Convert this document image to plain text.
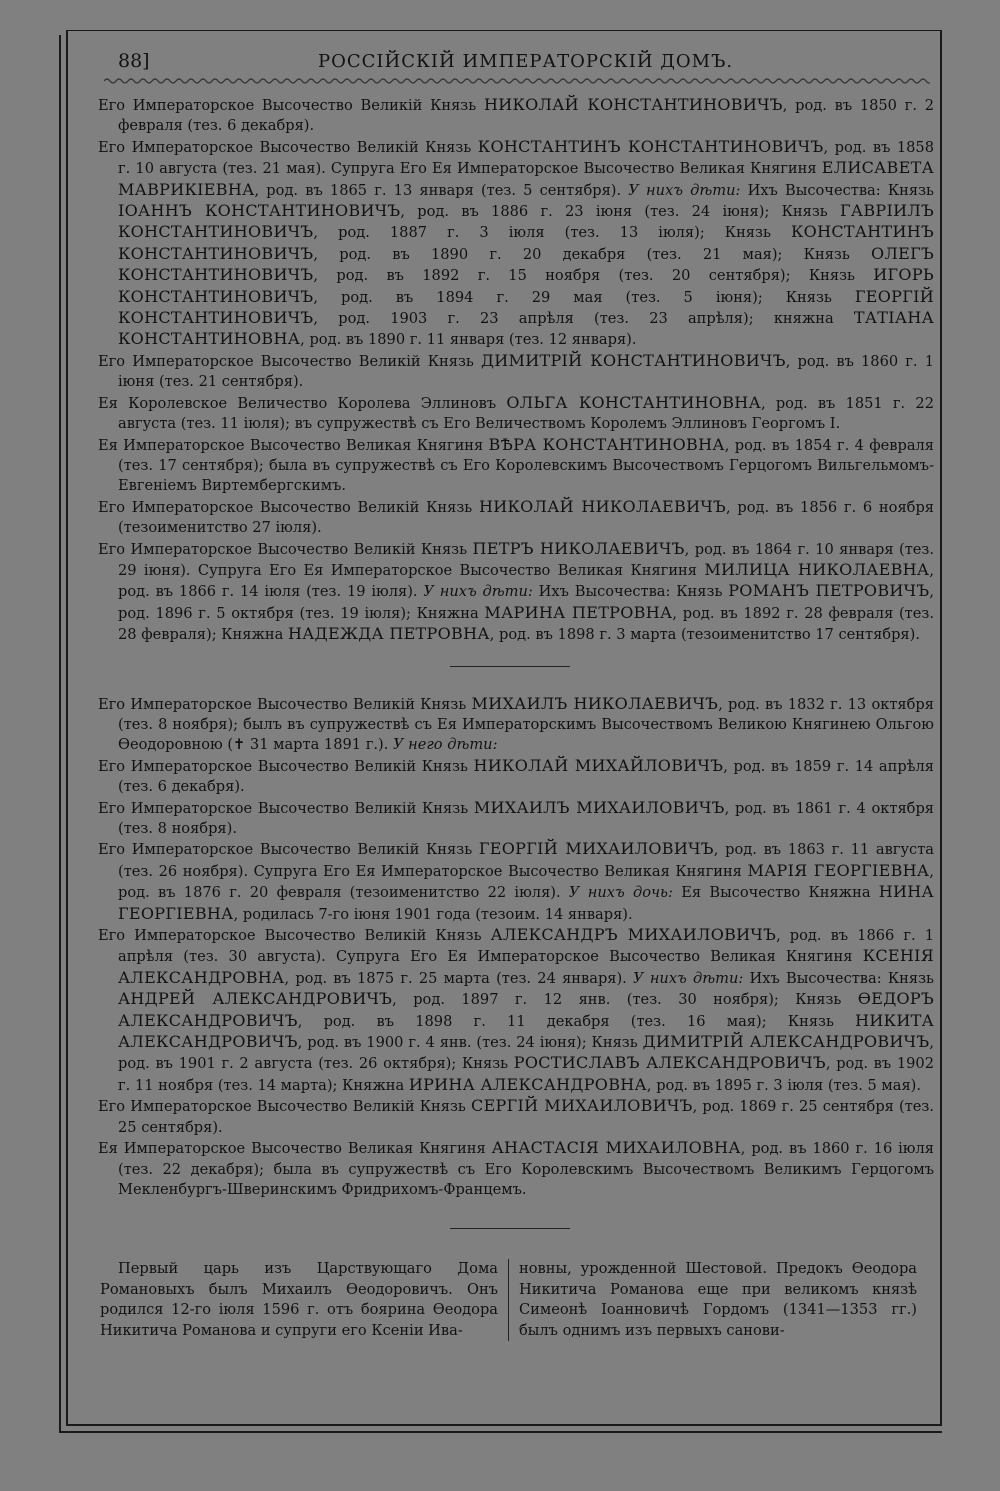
88]	РОССІЙСКІЙ ИМПЕРАТОРСКІЙ ДОМЪ.

Его Императорское Высочество Великій Князь НИКОЛАЙ КОНСТАНТИНОВИЧЪ, род. въ 1850 г. 2 февраля (тез. 6 декабря).

Его Императорское Высочество Великій Князь КОНСТАНТИНЪ КОНСТАНТИНОВИЧЪ, род. въ 1858 г. 10 августа (тез. 21 мая). Супруга Его Ея Императорское Высочество Великая Княгиня ЕЛИСАВЕТА МАВРИКІЕВНА, род. въ 1865 г. 13 января (тез. 5 сентября). У нихъ дѣти: Ихъ Высочества: Князь ІОАННЪ КОНСТАНТИНОВИЧЪ, род. въ 1886 г. 23 іюня (тез. 24 іюня); Князь ГАВРІИЛЪ КОНСТАНТИНОВИЧЪ, род. 1887 г. 3 іюля (тез. 13 іюля); Князь КОНСТАНТИНЪ КОНСТАНТИНОВИЧЪ, род. въ 1890 г. 20 декабря (тез. 21 мая); Князь ОЛЕГЪ КОНСТАНТИНОВИЧЪ, род. въ 1892 г. 15 ноября (тез. 20 сентября); Князь ИГОРЬ КОНСТАНТИНОВИЧЪ, род. въ 1894 г. 29 мая (тез. 5 іюня); Князь ГЕОРГІЙ КОНСТАНТИНОВИЧЪ, род. 1903 г. 23 апрѣля (тез. 23 апрѣля); княжна ТАТІАНА КОНСТАНТИНОВНА, род. въ 1890 г. 11 января (тез. 12 января).

Его Императорское Высочество Великій Князь ДИМИТРІЙ КОНСТАНТИНОВИЧЪ, род. въ 1860 г. 1 іюня (тез. 21 сентября).

Ея Королевское Величество Королева Эллиновъ ОЛЬГА КОНСТАНТИНОВНА, род. въ 1851 г. 22 августа (тез. 11 іюля); въ супружествѣ съ Его Величествомъ Королемъ Эллиновъ Георгомъ I.

Ея Императорское Высочество Великая Княгиня ВѢРА КОНСТАНТИНОВНА, род. въ 1854 г. 4 февраля (тез. 17 сентября); была въ супружествѣ съ Его Королевскимъ Высочествомъ Герцогомъ Вильгельмомъ-Евгеніемъ Виртембергскимъ.

Его Императорское Высочество Великій Князь НИКОЛАЙ НИКОЛАЕВИЧЪ, род. въ 1856 г. 6 ноября (тезоименитство 27 іюля).

Его Императорское Высочество Великій Князь ПЕТРЪ НИКОЛАЕВИЧЪ, род. въ 1864 г. 10 января (тез. 29 іюня). Супруга Его Ея Императорское Высочество Великая Княгиня МИЛИЦА НИКОЛАЕВНА, род. въ 1866 г. 14 іюля (тез. 19 іюля). У нихъ дѣти: Ихъ Высочества: Князь РОМАНЪ ПЕТРОВИЧЪ, род. 1896 г. 5 октября (тез. 19 іюля); Княжна МАРИНА ПЕТРОВНА, род. въ 1892 г. 28 февраля (тез. 28 февраля); Княжна НАДЕЖДА ПЕТРОВНА, род. въ 1898 г. 3 марта (тезоименитство 17 сентября).

Его Императорское Высочество Великій Князь МИХАИЛЪ НИКОЛАЕВИЧЪ, род. въ 1832 г. 13 октября (тез. 8 ноября); былъ въ супружествѣ съ Ея Императорскимъ Высочествомъ Великою Княгинею Ольгою Ѳеодоровною (✝ 31 марта 1891 г.). У него дѣти:

Его Императорское Высочество Великій Князь НИКОЛАЙ МИХАЙЛОВИЧЪ, род. въ 1859 г. 14 апрѣля (тез. 6 декабря).

Его Императорское Высочество Великій Князь МИХАИЛЪ МИХАИЛОВИЧЪ, род. въ 1861 г. 4 октября (тез. 8 ноября).

Его Императорское Высочество Великій Князь ГЕОРГІЙ МИХАИЛОВИЧЪ, род. въ 1863 г. 11 августа (тез. 26 ноября). Супруга Его Ея Императорское Высочество Великая Княгиня МАРІЯ ГЕОРГІЕВНА, род. въ 1876 г. 20 февраля (тезоименитство 22 іюля). У нихъ дочь: Ея Высочество Княжна НИНА ГЕОРГІЕВНА, родилась 7-го іюня 1901 года (тезоим. 14 января).

Его Императорское Высочество Великій Князь АЛЕКСАНДРЪ МИХАИЛОВИЧЪ, род. въ 1866 г. 1 апрѣля (тез. 30 августа). Супруга Его Ея Императорское Высочество Великая Княгиня КСЕНІЯ АЛЕКСАНДРОВНА, род. въ 1875 г. 25 марта (тез. 24 января). У нихъ дѣти: Ихъ Высочества: Князь АНДРЕЙ АЛЕКСАНДРОВИЧЪ, род. 1897 г. 12 янв. (тез. 30 ноября); Князь ѲЕДОРЪ АЛЕКСАНДРОВИЧЪ, род. въ 1898 г. 11 декабря (тез. 16 мая); Князь НИКИТА АЛЕКСАНДРОВИЧЪ, род. въ 1900 г. 4 янв. (тез. 24 іюня); Князь ДИМИТРІЙ АЛЕКСАНДРОВИЧЪ, род. въ 1901 г. 2 августа (тез. 26 октября); Князь РОСТИСЛАВЪ АЛЕКСАНДРОВИЧЪ, род. въ 1902 г. 11 ноября (тез. 14 марта); Княжна ИРИНА АЛЕКСАНДРОВНА, род. въ 1895 г. 3 іюля (тез. 5 мая).

Его Императорское Высочество Великій Князь СЕРГІЙ МИХАИЛОВИЧЪ, род. 1869 г. 25 сентября (тез. 25 сентября).

Ея Императорское Высочество Великая Княгиня АНАСТАСІЯ МИХАИЛОВНА, род. въ 1860 г. 16 іюля (тез. 22 декабря); была въ супружествѣ съ Его Королевскимъ Высочествомъ Великимъ Герцогомъ Мекленбургъ-Шверинскимъ Фридрихомъ-Францемъ.

Первый царь изъ Царствующаго Дома Романовыхъ былъ Михаилъ Ѳеодоровичъ. Онъ родился 12-го іюля 1596 г. отъ боярина Ѳеодора Никитича Романова и супруги его Ксеніи Ива-
новны, урожденной Шестовой. Предокъ Ѳеодора Никитича Романова еще при великомъ князѣ Симеонѣ Іоанновичѣ Гордомъ (1341—1353 гг.) былъ однимъ изъ первыхъ санови-
